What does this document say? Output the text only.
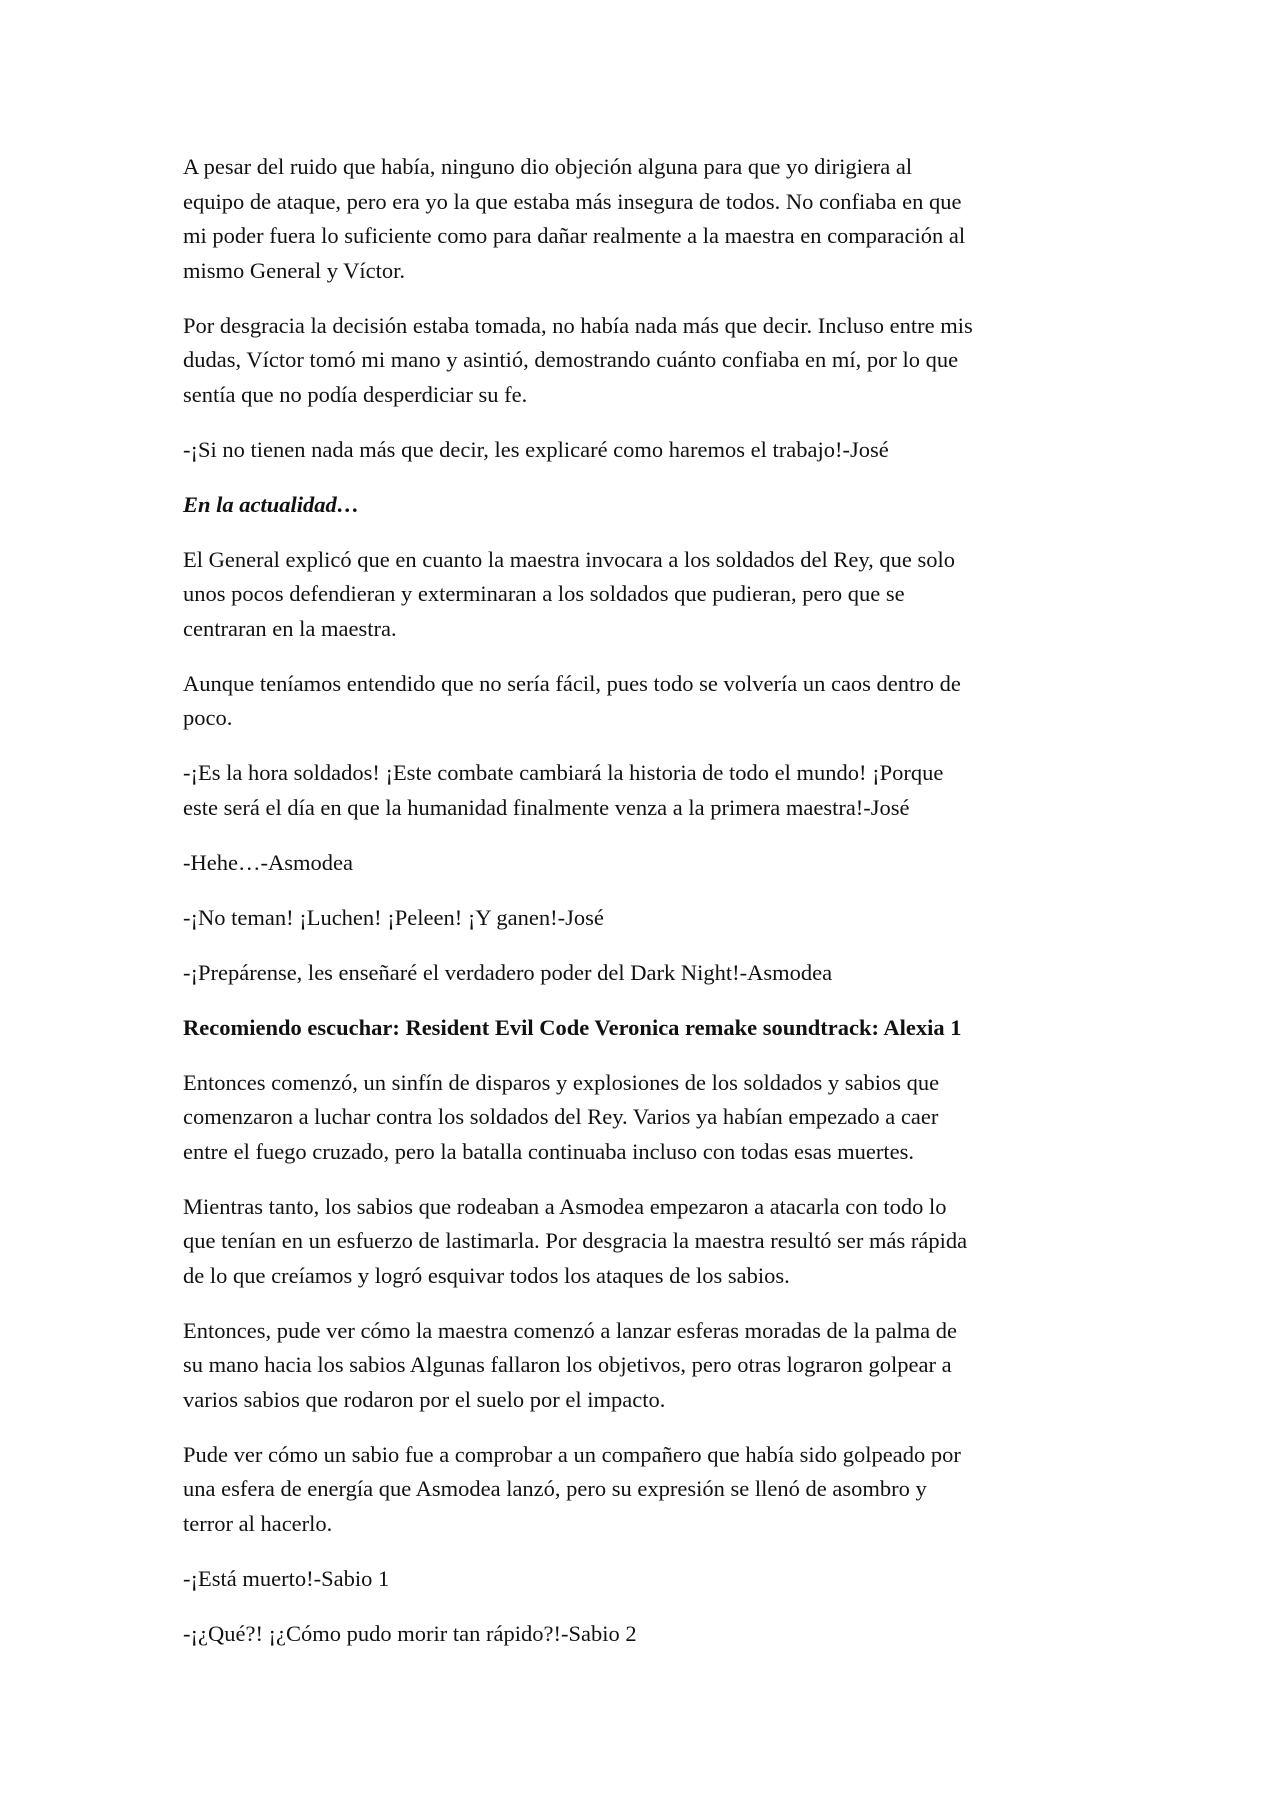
A pesar del ruido que había, ninguno dio objeción alguna para que yo dirigiera al
equipo de ataque, pero era yo la que estaba más insegura de todos. No confiaba en que
mi poder fuera lo suficiente como para dañar realmente a la maestra en comparación al
mismo General y Víctor.

Por desgracia la decisión estaba tomada, no había nada más que decir. Incluso entre mis
dudas, Víctor tomó mi mano y asintió, demostrando cuánto confiaba en mí, por lo que
sentía que no podía desperdiciar su fe.

-¡Si no tienen nada más que decir, les explicaré como haremos el trabajo!-José

En la actualidad…

El General explicó que en cuanto la maestra invocara a los soldados del Rey, que solo
unos pocos defendieran y exterminaran a los soldados que pudieran, pero que se
centraran en la maestra.

Aunque teníamos entendido que no sería fácil, pues todo se volvería un caos dentro de
poco.

-¡Es la hora soldados! ¡Este combate cambiará la historia de todo el mundo! ¡Porque
este será el día en que la humanidad finalmente venza a la primera maestra!-José

-Hehe…-Asmodea

-¡No teman! ¡Luchen! ¡Peleen! ¡Y ganen!-José

-¡Prepárense, les enseñaré el verdadero poder del Dark Night!-Asmodea

Recomiendo escuchar: Resident Evil Code Veronica remake soundtrack: Alexia 1

Entonces comenzó, un sinfín de disparos y explosiones de los soldados y sabios que
comenzaron a luchar contra los soldados del Rey. Varios ya habían empezado a caer
entre el fuego cruzado, pero la batalla continuaba incluso con todas esas muertes.

Mientras tanto, los sabios que rodeaban a Asmodea empezaron a atacarla con todo lo
que tenían en un esfuerzo de lastimarla. Por desgracia la maestra resultó ser más rápida
de lo que creíamos y logró esquivar todos los ataques de los sabios.

Entonces, pude ver cómo la maestra comenzó a lanzar esferas moradas de la palma de
su mano hacia los sabios Algunas fallaron los objetivos, pero otras lograron golpear a
varios sabios que rodaron por el suelo por el impacto.

Pude ver cómo un sabio fue a comprobar a un compañero que había sido golpeado por
una esfera de energía que Asmodea lanzó, pero su expresión se llenó de asombro y
terror al hacerlo.

-¡Está muerto!-Sabio 1

-¡¿Qué?! ¡¿Cómo pudo morir tan rápido?!-Sabio 2
